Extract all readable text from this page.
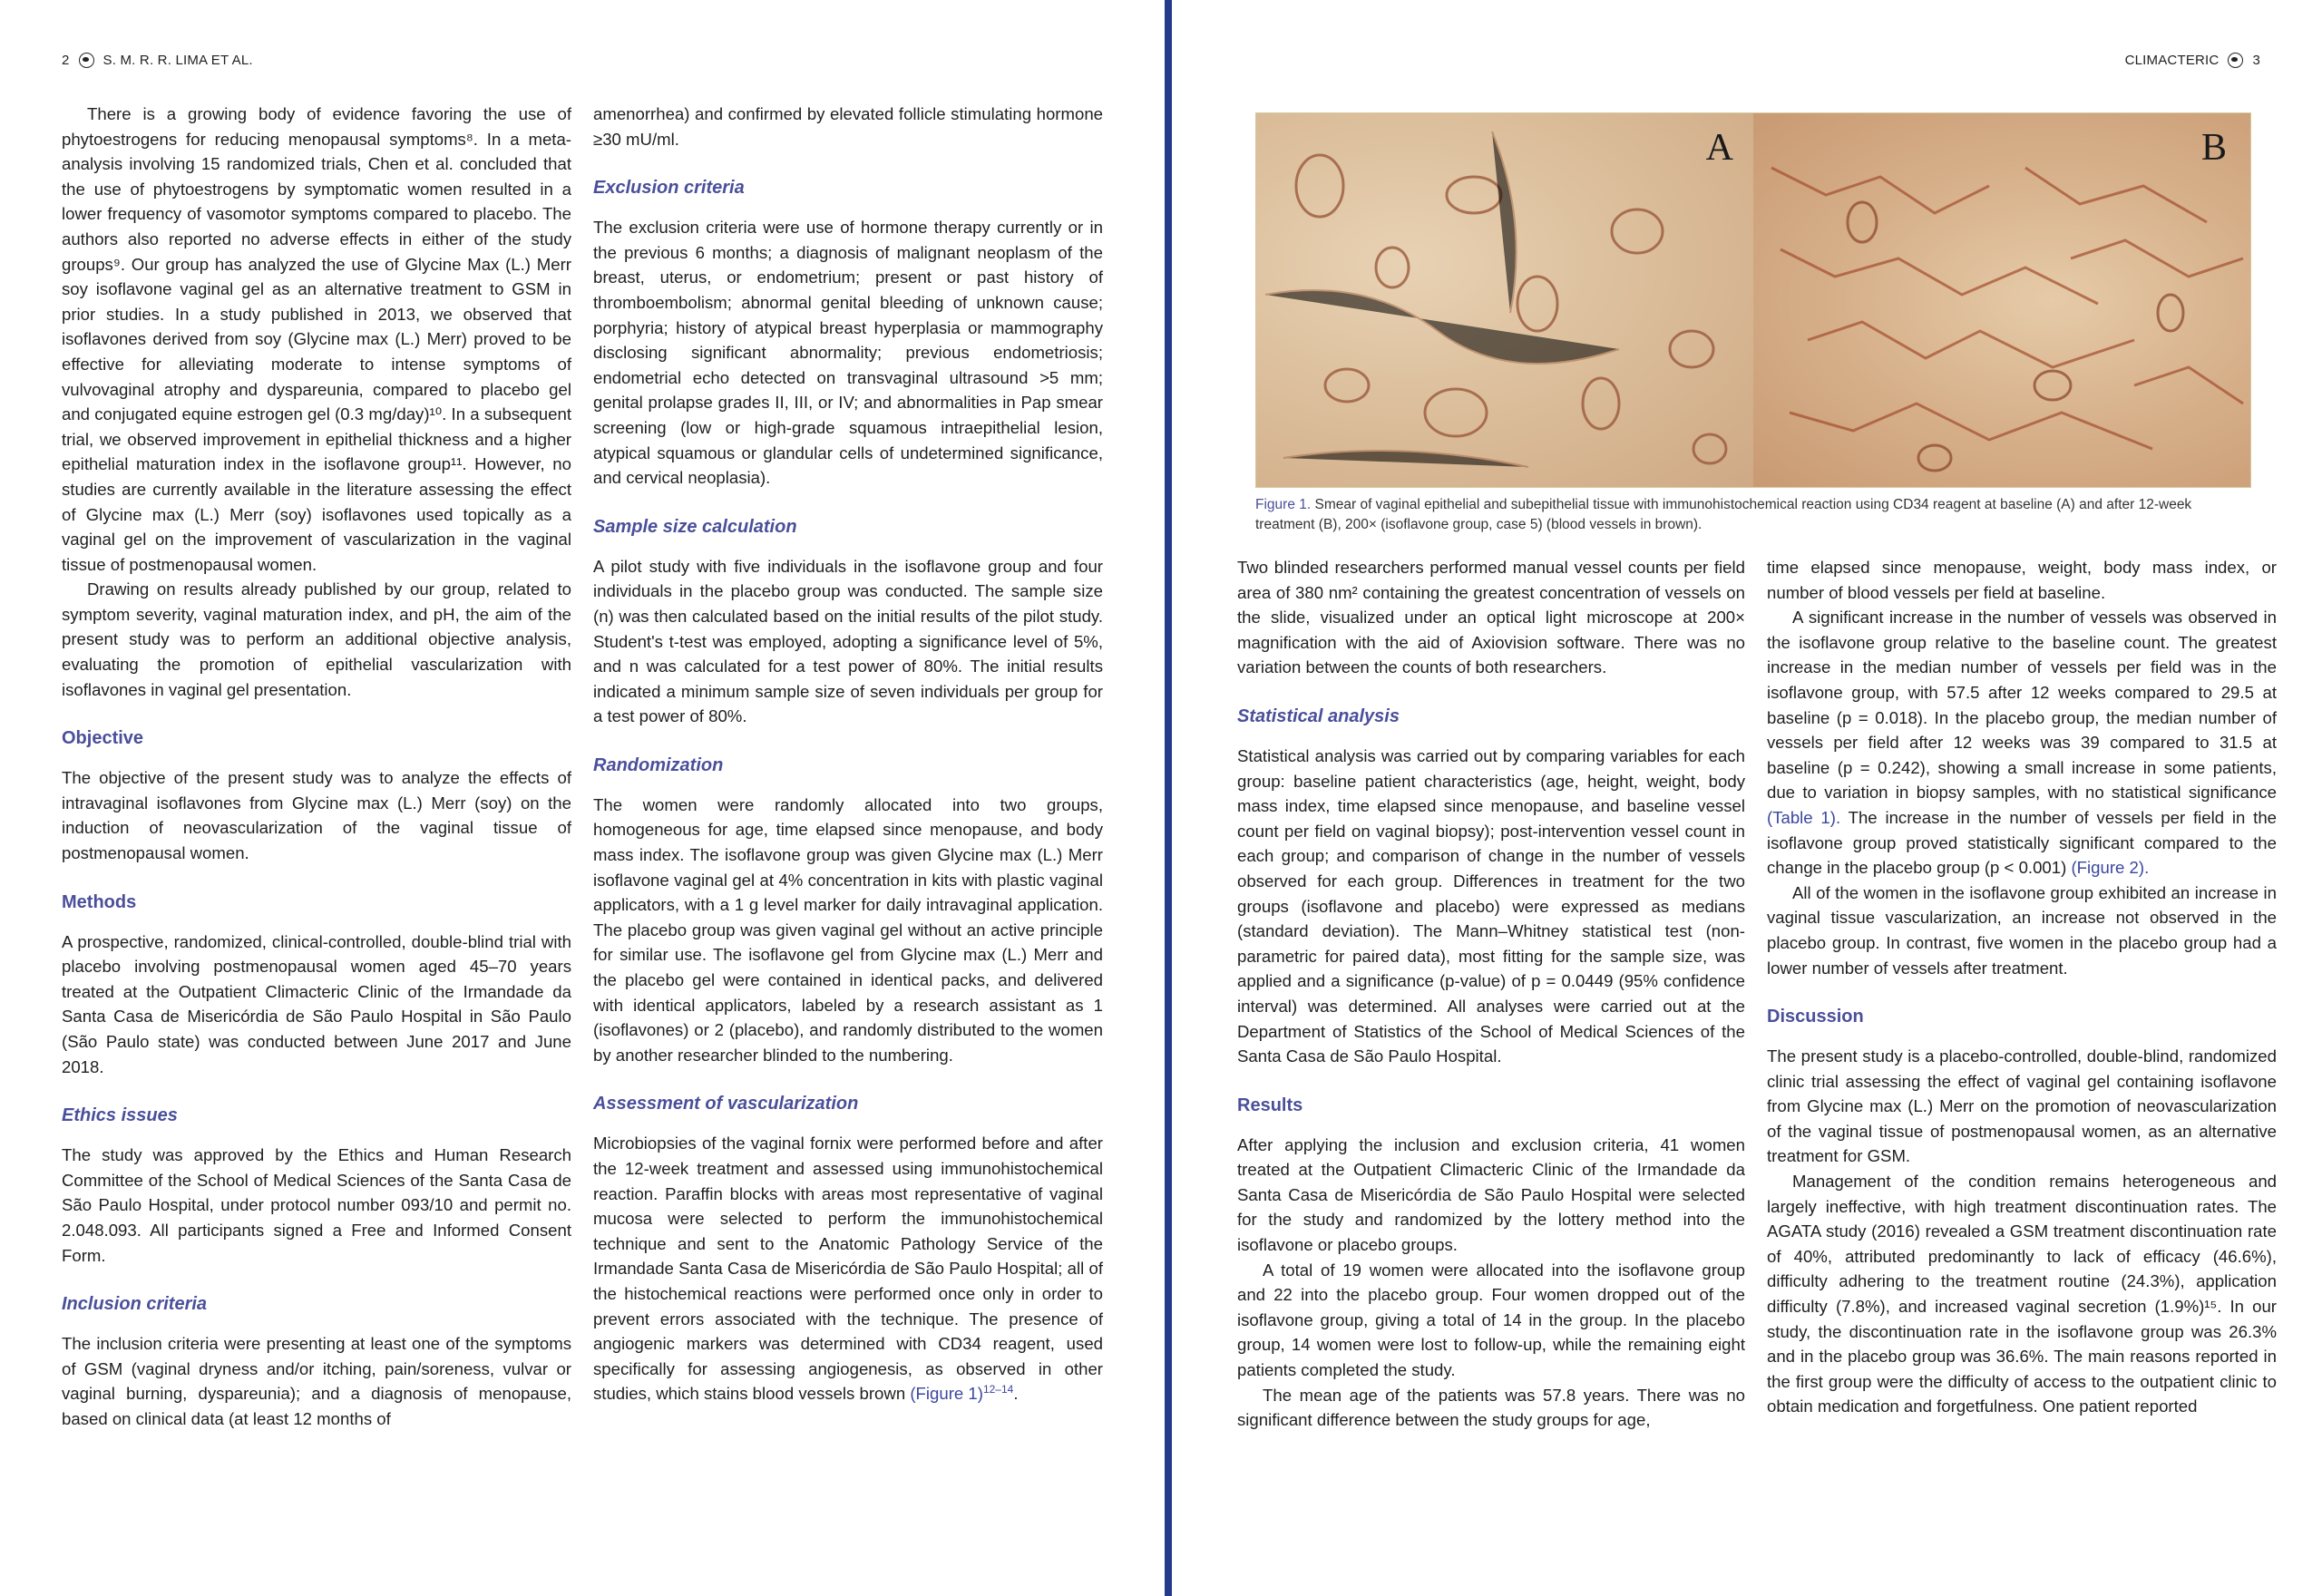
2 S. M. R. R. LIMA ET AL.

There is a growing body of evidence favoring the use of phytoestrogens for reducing menopausal symptoms⁸. In a meta-analysis involving 15 randomized trials, Chen et al. concluded that the use of phytoestrogens by symptomatic women resulted in a lower frequency of vasomotor symptoms compared to placebo. The authors also reported no adverse effects in either of the study groups⁹. Our group has analyzed the use of Glycine Max (L.) Merr soy isoflavone vaginal gel as an alternative treatment to GSM in prior studies. In a study published in 2013, we observed that isoflavones derived from soy (Glycine max (L.) Merr) proved to be effective for alleviating moderate to intense symptoms of vulvovaginal atrophy and dyspareunia, compared to placebo gel and conjugated equine estrogen gel (0.3 mg/day)¹⁰. In a subsequent trial, we observed improvement in epithelial thickness and a higher epithelial maturation index in the isoflavone group¹¹. However, no studies are currently available in the literature assessing the effect of Glycine max (L.) Merr (soy) isoflavones used topically as a vaginal gel on the improvement of vascularization in the vaginal tissue of postmenopausal women.

Drawing on results already published by our group, related to symptom severity, vaginal maturation index, and pH, the aim of the present study was to perform an additional objective analysis, evaluating the promotion of epithelial vascularization with isoflavones in vaginal gel presentation.

Objective

The objective of the present study was to analyze the effects of intravaginal isoflavones from Glycine max (L.) Merr (soy) on the induction of neovascularization of the vaginal tissue of postmenopausal women.

Methods

A prospective, randomized, clinical-controlled, double-blind trial with placebo involving postmenopausal women aged 45–70 years treated at the Outpatient Climacteric Clinic of the Irmandade da Santa Casa de Misericórdia de São Paulo Hospital in São Paulo (São Paulo state) was conducted between June 2017 and June 2018.

Ethics issues

The study was approved by the Ethics and Human Research Committee of the School of Medical Sciences of the Santa Casa de São Paulo Hospital, under protocol number 093/10 and permit no. 2.048.093. All participants signed a Free and Informed Consent Form.

Inclusion criteria

The inclusion criteria were presenting at least one of the symptoms of GSM (vaginal dryness and/or itching, pain/soreness, vulvar or vaginal burning, dyspareunia); and a diagnosis of menopause, based on clinical data (at least 12 months of

amenorrhea) and confirmed by elevated follicle stimulating hormone ≥30 mU/ml.

Exclusion criteria

The exclusion criteria were use of hormone therapy currently or in the previous 6 months; a diagnosis of malignant neoplasm of the breast, uterus, or endometrium; present or past history of thromboembolism; abnormal genital bleeding of unknown cause; porphyria; history of atypical breast hyperplasia or mammography disclosing significant abnormality; previous endometriosis; endometrial echo detected on transvaginal ultrasound >5 mm; genital prolapse grades II, III, or IV; and abnormalities in Pap smear screening (low or high-grade squamous intraepithelial lesion, atypical squamous or glandular cells of undetermined significance, and cervical neoplasia).

Sample size calculation

A pilot study with five individuals in the isoflavone group and four individuals in the placebo group was conducted. The sample size (n) was then calculated based on the initial results of the pilot study. Student's t-test was employed, adopting a significance level of 5%, and n was calculated for a test power of 80%. The initial results indicated a minimum sample size of seven individuals per group for a test power of 80%.

Randomization

The women were randomly allocated into two groups, homogeneous for age, time elapsed since menopause, and body mass index. The isoflavone group was given Glycine max (L.) Merr isoflavone vaginal gel at 4% concentration in kits with plastic vaginal applicators, with a 1 g level marker for daily intravaginal application. The placebo group was given vaginal gel without an active principle for similar use. The isoflavone gel from Glycine max (L.) Merr and the placebo gel were contained in identical packs, and delivered with identical applicators, labeled by a research assistant as 1 (isoflavones) or 2 (placebo), and randomly distributed to the women by another researcher blinded to the numbering.

Assessment of vascularization

Microbiopsies of the vaginal fornix were performed before and after the 12-week treatment and assessed using immunohistochemical reaction. Paraffin blocks with areas most representative of vaginal mucosa were selected to perform the immunohistochemical technique and sent to the Anatomic Pathology Service of the Irmandade Santa Casa de Misericórdia de São Paulo Hospital; all of the histochemical reactions were performed once only in order to prevent errors associated with the technique. The presence of angiogenic markers was determined with CD34 reagent, used specifically for assessing angiogenesis, as observed in other studies, which stains blood vessels brown (Figure 1)$^{12-14}$.

CLIMACTERIC 3
A	B
Figure 1. Smear of vaginal epithelial and subepithelial tissue with immunohistochemical reaction using CD34 reagent at baseline (A) and after 12-week treatment (B), 200× (isoflavone group, case 5) (blood vessels in brown).

Two blinded researchers performed manual vessel counts per field area of 380 nm² containing the greatest concentration of vessels on the slide, visualized under an optical light microscope at 200× magnification with the aid of Axiovision software. There was no variation between the counts of both researchers.

Statistical analysis

Statistical analysis was carried out by comparing variables for each group: baseline patient characteristics (age, height, weight, body mass index, time elapsed since menopause, and baseline vessel count per field on vaginal biopsy); post-intervention vessel count in each group; and comparison of change in the number of vessels observed for each group. Differences in treatment for the two groups (isoflavone and placebo) were expressed as medians (standard deviation). The Mann–Whitney statistical test (non-parametric for paired data), most fitting for the sample size, was applied and a significance (p-value) of p = 0.0449 (95% confidence interval) was determined. All analyses were carried out at the Department of Statistics of the School of Medical Sciences of the Santa Casa de São Paulo Hospital.

Results

After applying the inclusion and exclusion criteria, 41 women treated at the Outpatient Climacteric Clinic of the Irmandade da Santa Casa de Misericórdia de São Paulo Hospital were selected for the study and randomized by the lottery method into the isoflavone or placebo groups.

A total of 19 women were allocated into the isoflavone group and 22 into the placebo group. Four women dropped out of the isoflavone group, giving a total of 14 in the group. In the placebo group, 14 women were lost to follow-up, while the remaining eight patients completed the study.

The mean age of the patients was 57.8 years. There was no significant difference between the study groups for age,

time elapsed since menopause, weight, body mass index, or number of blood vessels per field at baseline.

A significant increase in the number of vessels was observed in the isoflavone group relative to the baseline count. The greatest increase in the median number of vessels per field was in the isoflavone group, with 57.5 after 12 weeks compared to 29.5 at baseline (p = 0.018). In the placebo group, the median number of vessels per field after 12 weeks was 39 compared to 31.5 at baseline (p = 0.242), showing a small increase in some patients, due to variation in biopsy samples, with no statistical significance (Table 1). The increase in the number of vessels per field in the isoflavone group proved statistically significant compared to the change in the placebo group (p < 0.001) (Figure 2).

All of the women in the isoflavone group exhibited an increase in vaginal tissue vascularization, an increase not observed in the placebo group. In contrast, five women in the placebo group had a lower number of vessels after treatment.

Discussion

The present study is a placebo-controlled, double-blind, randomized clinic trial assessing the effect of vaginal gel containing isoflavone from Glycine max (L.) Merr on the promotion of neovascularization of the vaginal tissue of postmenopausal women, as an alternative treatment for GSM.

Management of the condition remains heterogeneous and largely ineffective, with high treatment discontinuation rates. The AGATA study (2016) revealed a GSM treatment discontinuation rate of 40%, attributed predominantly to lack of efficacy (46.6%), difficulty adhering to the treatment routine (24.3%), application difficulty (7.8%), and increased vaginal secretion (1.9%)¹⁵. In our study, the discontinuation rate in the isoflavone group was 26.3% and in the placebo group was 36.6%. The main reasons reported in the first group were the difficulty of access to the outpatient clinic to obtain medication and forgetfulness. One patient reported
